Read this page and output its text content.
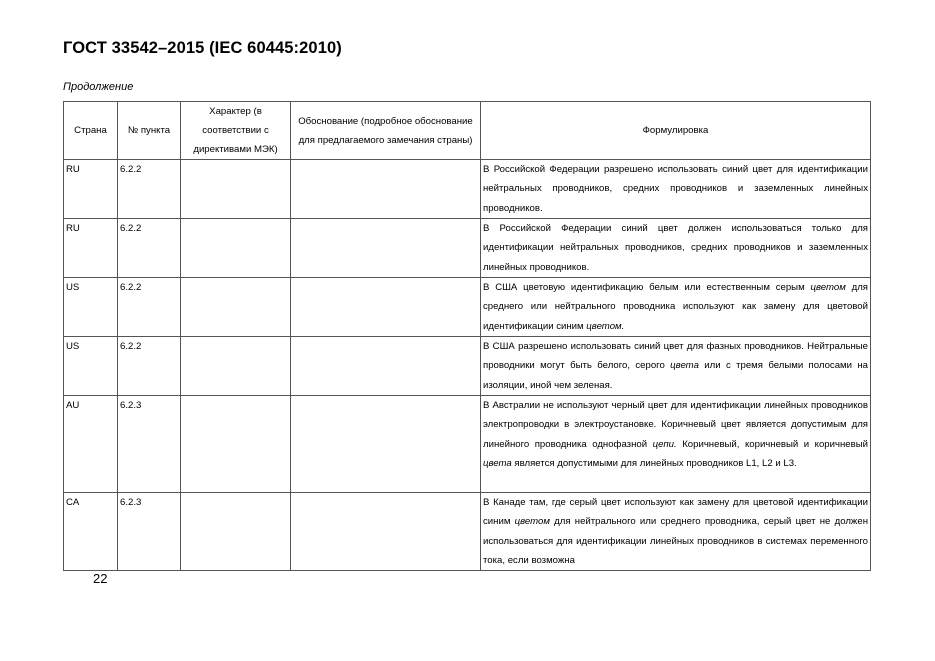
ГОСТ 33542–2015 (IEC 60445:2010)
Продолжение
Страна	№ пункта	Характер (в соответствии с директивами МЭК)	Обоснование (подробное обоснование для предлагаемого замечания страны)	Формулировка
RU	6.2.2			В Российской Федерации разрешено использовать синий цвет для идентификации нейтральных проводников, средних проводников и заземленных линейных проводников.
RU	6.2.2			В Российской Федерации синий цвет должен использоваться только для идентификации нейтральных проводников, средних проводников и заземленных линейных проводников.
US	6.2.2			В США цветовую идентификацию белым или естественным серым цветом для среднего или нейтрального проводника используют как замену для цветовой идентификации синим цветом.
US	6.2.2			В США разрешено использовать синий цвет для фазных проводников. Нейтральные проводники могут быть белого, серого цвета или с тремя белыми полосами на изоляции, иной чем зеленая.
AU	6.2.3			В Австралии не используют черный цвет для идентификации линейных проводников электропроводки в электроустановке. Коричневый цвет является допустимым для линейного проводника однофазной цепи. Коричневый, коричневый и коричневый цвета является допустимыми для линейных проводников L1, L2 и L3.
CA	6.2.3			В Канаде там, где серый цвет используют как замену для цветовой идентификации синим цветом для нейтрального или среднего проводника, серый цвет не должен использоваться для идентификации линейных проводников в системах переменного тока, если возможна
22
